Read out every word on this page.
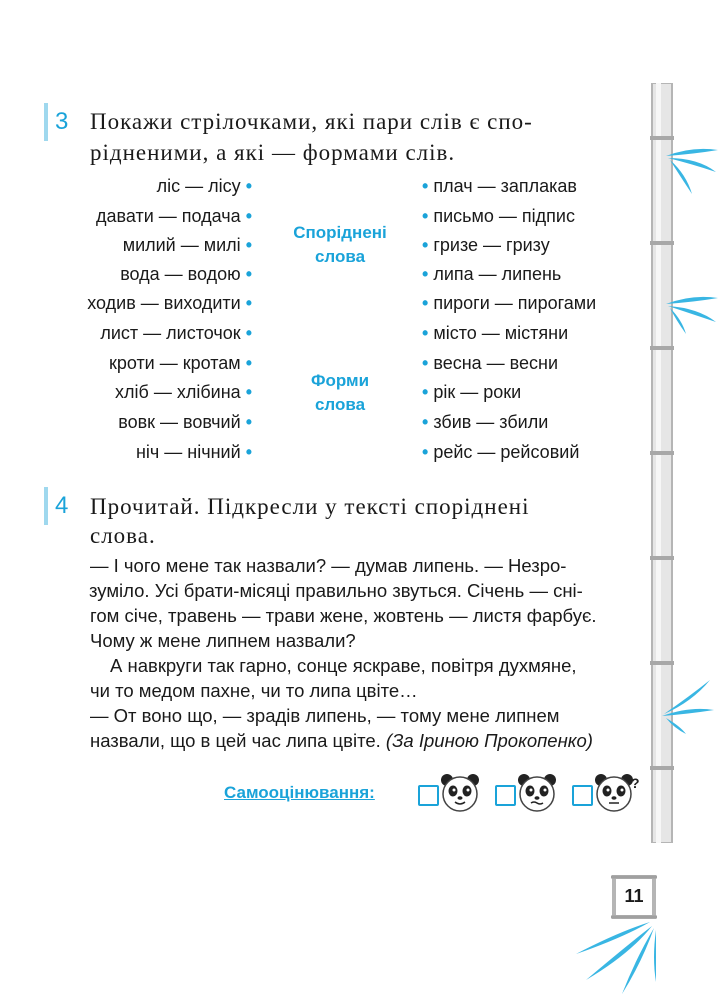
3 Покажи стрілочками, які пари слів є спо-
рідненими, а які — формами слів.
ліс — лісу •
давати — подача •
милий — милі •
вода — водою •
ходив — виходити •
лист — листочок •
кроти — кротам •
хліб — хлібина •
вовк — вовчий •
ніч — нічний •
Споріднені
слова
Форми
слова
• плач — заплакав
• письмо — підпис
• гризе — гризу
• липа — липень
• пироги — пирогами
• місто — містяни
• весна — весни
• рік — роки
• збив — збили
• рейс — рейсовий
4 Прочитай. Підкресли у тексті споріднені
слова.
— І чого мене так назвали? — думав липень. — Незро-
зуміло. Усі брати-місяці правильно звуться. Січень — сні-
гом січе, травень — трави жене, жовтень — листя фарбує.
Чому ж мене липнем назвали?
А навкруги так гарно, сонце яскраве, повітря духмяне,
чи то медом пахне, чи то липа цвіте…
— От воно що, — зрадів липень, — тому мене липнем
назвали, що в цей час липа цвіте. (За Іриною Прокопенко)
Самооцінювання:	?
11
